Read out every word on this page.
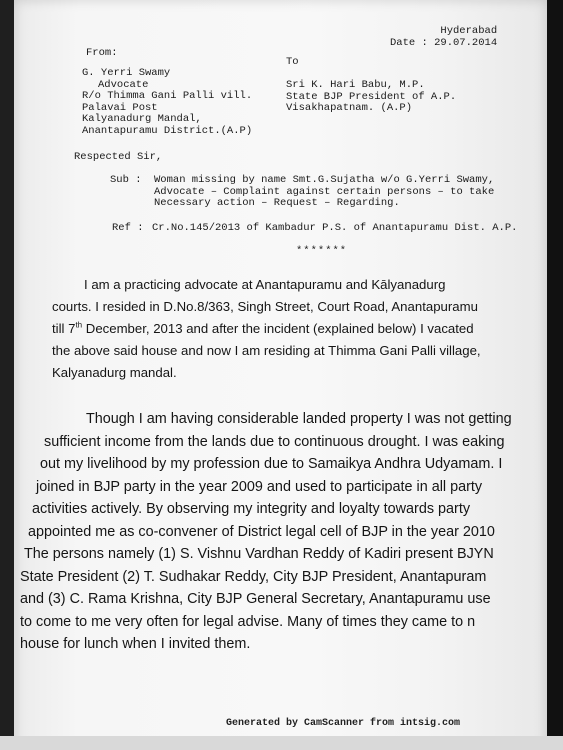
Hyderabad
Date : 29.07.2014
From:
To
G. Yerri Swamy
Advocate
R/o Thimma Gani Palli vill.
Palavai Post
Kalyanadurg Mandal,
Anantapuramu District.(A.P)
Sri K. Hari Babu, M.P.
State BJP President of A.P.
Visakhapatnam. (A.P)
Respected Sir,
Sub : Woman missing by name Smt.G.Sujatha w/o G.Yerri Swamy,
Advocate – Complaint against certain persons – to take
Necessary action – Request – Regarding.
Ref : Cr.No.145/2013 of Kambadur P.S. of Anantapuramu Dist. A.P.
*******
I am a practicing advocate at Anantapuramu and Kālyanadurg
courts. I resided in D.No.8/363, Singh Street, Court Road, Anantapuramu
till 7th December, 2013 and after the incident (explained below) I vacated
the above said house and now I am residing at Thimma Gani Palli village,
Kalyanadurg mandal.
Though I am having considerable landed property I was not getting
sufficient income from the lands due to continuous drought. I was eaking
out my livelihood by my profession due to Samaikya Andhra Udyamam. I
joined in BJP party in the year 2009 and used to participate in all party
activities actively. By observing my integrity and loyalty towards party
appointed me as co-convener of District legal cell of BJP in the year 2010
The persons namely (1) S. Vishnu Vardhan Reddy of Kadiri present BJYN
State President (2) T. Sudhakar Reddy, City BJP President, Anantapuram
and (3) C. Rama Krishna, City BJP General Secretary, Anantapuramu use
to come to me very often for legal advise. Many of times they came to n
house for lunch when I invited them.
Generated by CamScanner from intsig.com
